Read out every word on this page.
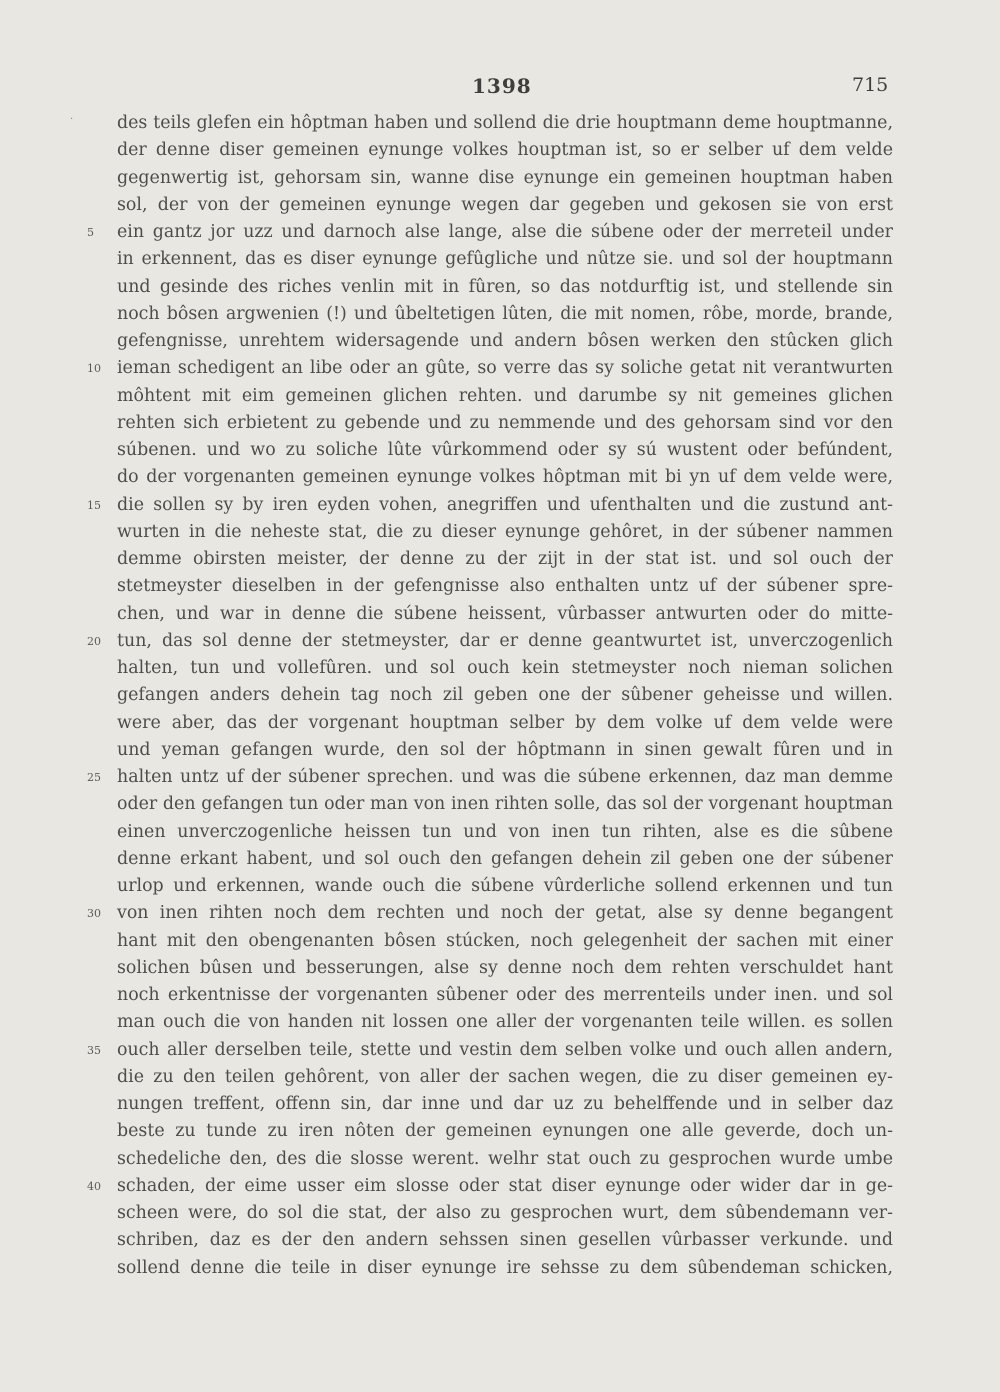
·
1398	715
des teils glefen ein hôptman haben und sollend die drie houptmann deme houptmanne,
der denne diser gemeinen eynunge volkes houptman ist, so er selber uf dem velde
gegenwertig ist, gehorsam sin, wanne dise eynunge ein gemeinen houptman haben
sol, der von der gemeinen eynunge wegen dar gegeben und gekosen sie von erst
5	ein gantz jor uzz und darnoch alse lange, alse die súbene oder der merreteil under
in erkennent, das es diser eynunge gefûgliche und nûtze sie. und sol der houptmann
und gesinde des riches venlin mit in fûren, so das notdurftig ist, und stellende sin
noch bôsen argwenien (!) und ûbeltetigen lûten, die mit nomen, rôbe, morde, brande,
gefengnisse, unrehtem widersagende und andern bôsen werken den stûcken glich
10 ieman schedigent an libe oder an gûte, so verre das sy soliche getat nit verantwurten
môhtent mit eim gemeinen glichen rehten. und darumbe sy nit gemeines glichen
rehten sich erbietent zu gebende und zu nemmende und des gehorsam sind vor den
súbenen. und wo zu soliche lûte vûrkommend oder sy sú wustent oder befúndent,
do der vorgenanten gemeinen eynunge volkes hôptman mit bi yn uf dem velde were,
15 die sollen sy by iren eyden vohen, anegriffen und ufenthalten und die zustund ant-
wurten in die neheste stat, die zu dieser eynunge gehôret, in der súbener nammen
demme obirsten meister, der denne zu der zijt in der stat ist. und sol ouch der
stetmeyster dieselben in der gefengnisse also enthalten untz uf der súbener spre-
chen, und war in denne die súbene heissent, vûrbasser antwurten oder do mitte-
20 tun, das sol denne der stetmeyster, dar er denne geantwurtet ist, unverczogenlich
halten, tun und vollefûren. und sol ouch kein stetmeyster noch nieman solichen
gefangen anders dehein tag noch zil geben one der sûbener geheisse und willen.
were aber, das der vorgenant houptman selber by dem volke uf dem velde were
und yeman gefangen wurde, den sol der hôptmann in sinen gewalt fûren und in
25 halten untz uf der súbener sprechen. und was die súbene erkennen, daz man demme
oder den gefangen tun oder man von inen rihten solle, das sol der vorgenant houptman
einen unverczogenliche heissen tun und von inen tun rihten, alse es die sûbene
denne erkant habent, und sol ouch den gefangen dehein zil geben one der súbener
urlop und erkennen, wande ouch die súbene vûrderliche sollend erkennen und tun
30 von inen rihten noch dem rechten und noch der getat, alse sy denne begangent
hant mit den obengenanten bôsen stúcken, noch gelegenheit der sachen mit einer
solichen bûsen und besserungen, alse sy denne noch dem rehten verschuldet hant
noch erkentnisse der vorgenanten sûbener oder des merrenteils under inen. und sol
man ouch die von handen nit lossen one aller der vorgenanten teile willen. es sollen
35 ouch aller derselben teile, stette und vestin dem selben volke und ouch allen andern,
die zu den teilen gehôrent, von aller der sachen wegen, die zu diser gemeinen ey-
nungen treffent, offenn sin, dar inne und dar uz zu behelffende und in selber daz
beste zu tunde zu iren nôten der gemeinen eynungen one alle geverde, doch un-
schedeliche den, des die slosse werent. welhr stat ouch zu gesprochen wurde umbe
40 schaden, der eime usser eim slosse oder stat diser eynunge oder wider dar in ge-
scheen were, do sol die stat, der also zu gesprochen wurt, dem sûbendemann ver-
schriben, daz es der den andern sehssen sinen gesellen vûrbasser verkunde. und
sollend denne die teile in diser eynunge ire sehsse zu dem sûbendeman schicken,
